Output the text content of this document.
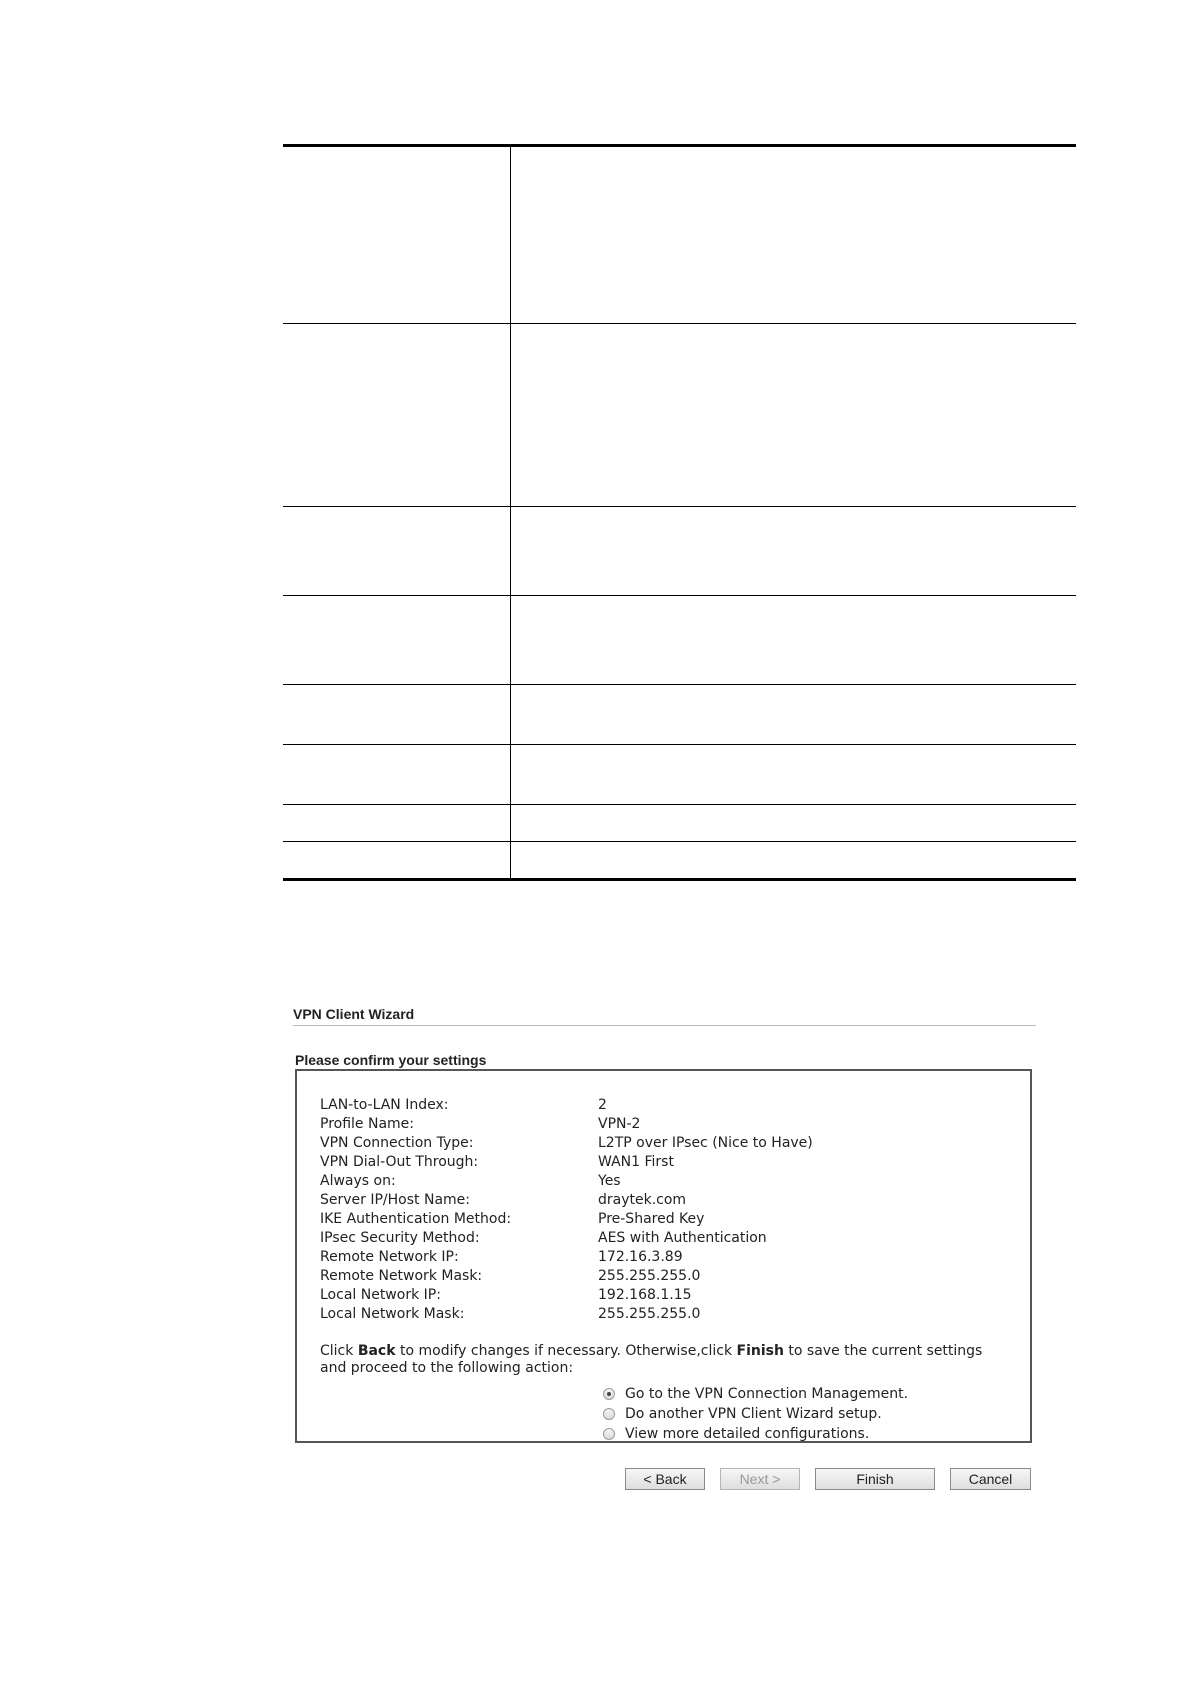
VPN Client Wizard
Please confirm your settings
LAN-to-LAN Index:	2
Profile Name:	VPN-2
VPN Connection Type:	L2TP over IPsec (Nice to Have)
VPN Dial-Out Through:	WAN1 First
Always on:	Yes
Server IP/Host Name:	draytek.com
IKE Authentication Method:	Pre-Shared Key
IPsec Security Method:	AES with Authentication
Remote Network IP:	172.16.3.89
Remote Network Mask:	255.255.255.0
Local Network IP:	192.168.1.15
Local Network Mask:	255.255.255.0
Click Back to modify changes if necessary. Otherwise,click Finish to save the current settings and proceed to the following action:
Go to the VPN Connection Management.
Do another VPN Client Wizard setup.
View more detailed configurations.
< Back	Next >	Finish	Cancel
